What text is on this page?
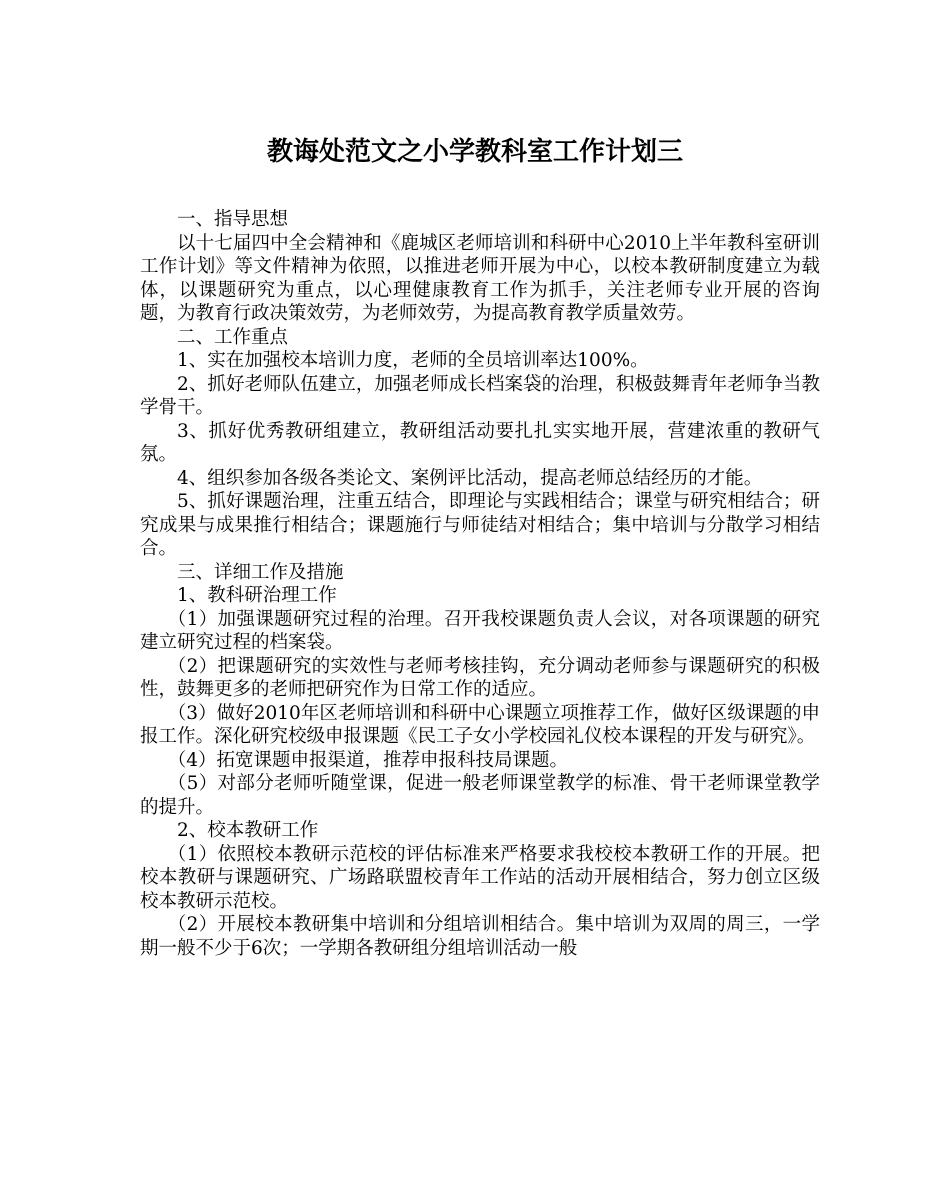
教诲处范文之小学教科室工作计划三

一、指导思想

以十七届四中全会精神和《鹿城区老师培训和科研中心2010上半年教科室研训工作计划》等文件精神为依照，以推进老师开展为中心，以校本教研制度建立为载体，以课题研究为重点，以心理健康教育工作为抓手，关注老师专业开展的咨询题，为教育行政决策效劳，为老师效劳，为提高教育教学质量效劳。

二、工作重点

1、实在加强校本培训力度，老师的全员培训率达100%。

2、抓好老师队伍建立，加强老师成长档案袋的治理，积极鼓舞青年老师争当教学骨干。

3、抓好优秀教研组建立，教研组活动要扎扎实实地开展，营建浓重的教研气氛。

4、组织参加各级各类论文、案例评比活动，提高老师总结经历的才能。

5、抓好课题治理，注重五结合，即理论与实践相结合；课堂与研究相结合；研究成果与成果推行相结合；课题施行与师徒结对相结合；集中培训与分散学习相结合。

三、详细工作及措施

1、教科研治理工作

（1）加强课题研究过程的治理。召开我校课题负责人会议，对各项课题的研究建立研究过程的档案袋。

（2）把课题研究的实效性与老师考核挂钩，充分调动老师参与课题研究的积极性，鼓舞更多的老师把研究作为日常工作的适应。

（3）做好2010年区老师培训和科研中心课题立项推荐工作，做好区级课题的申报工作。深化研究校级申报课题《民工子女小学校园礼仪校本课程的开发与研究》。

（4）拓宽课题申报渠道，推荐申报科技局课题。

（5）对部分老师听随堂课，促进一般老师课堂教学的标准、骨干老师课堂教学的提升。

2、校本教研工作

（1）依照校本教研示范校的评估标准来严格要求我校校本教研工作的开展。把校本教研与课题研究、广场路联盟校青年工作站的活动开展相结合，努力创立区级校本教研示范校。

（2）开展校本教研集中培训和分组培训相结合。集中培训为双周的周三，一学期一般不少于6次；一学期各教研组分组培训活动一般
